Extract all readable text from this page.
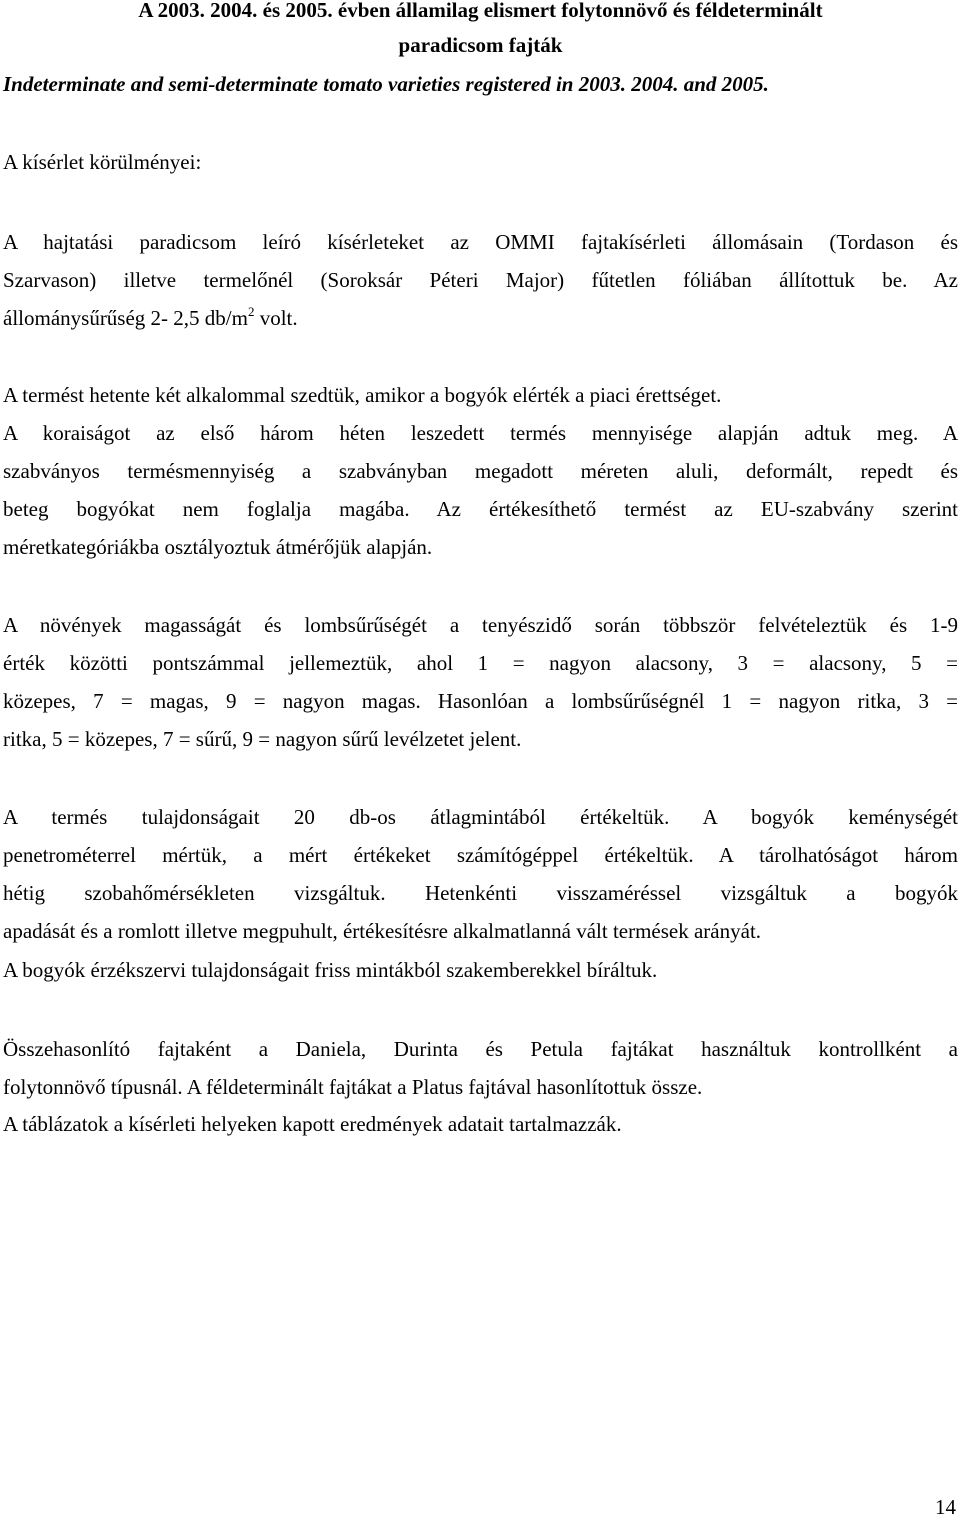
A 2003. 2004. és 2005. évben államilag elismert folytonnövő és féldeterminált
paradicsom fajták
Indeterminate and semi-determinate tomato varieties registered in 2003. 2004. and 2005.
A kísérlet körülményei:
A hajtatási paradicsom leíró kísérleteket az OMMI fajtakísérleti állomásain (Tordason és
Szarvason) illetve termelőnél (Soroksár Péteri Major) fűtetlen fóliában állítottuk be. Az
állománysűrűség 2- 2,5 $db/m^2$ volt.
A termést hetente két alkalommal szedtük, amikor a bogyók elérték a piaci érettséget.
A koraiságot az első három héten leszedett termés mennyisége alapján adtuk meg. A
szabványos termésmennyiség a szabványban megadott méreten aluli, deformált, repedt és
beteg bogyókat nem foglalja magába. Az értékesíthető termést az EU-szabvány szerint
méretkategóriákba osztályoztuk átmérőjük alapján.
A növények magasságát és lombsűrűségét a tenyészidő során többször felvételeztük és 1-9
érték közötti pontszámmal jellemeztük, ahol 1 = nagyon alacsony, 3 = alacsony, 5 =
közepes, 7 = magas, 9 = nagyon magas. Hasonlóan a lombsűrűségnél 1 = nagyon ritka, 3 =
ritka, 5 = közepes, 7 = sűrű, 9 = nagyon sűrű levélzetet jelent.
A termés tulajdonságait 20 db-os átlagmintából értékeltük. A bogyók keménységét
penetrométerrel mértük, a mért értékeket számítógéppel értékeltük. A tárolhatóságot három
hétig szobahőmérsékleten vizsgáltuk. Hetenkénti visszaméréssel vizsgáltuk a bogyók
apadását és a romlott illetve megpuhult, értékesítésre alkalmatlanná vált termések arányát.
A bogyók érzékszervi tulajdonságait friss mintákból szakemberekkel bíráltuk.
Összehasonlító fajtaként a Daniela, Durinta és Petula fajtákat használtuk kontrollként a
folytonnövő típusnál. A féldeterminált fajtákat a Platus fajtával hasonlítottuk össze.
A táblázatok a kísérleti helyeken kapott eredmények adatait tartalmazzák.
14
